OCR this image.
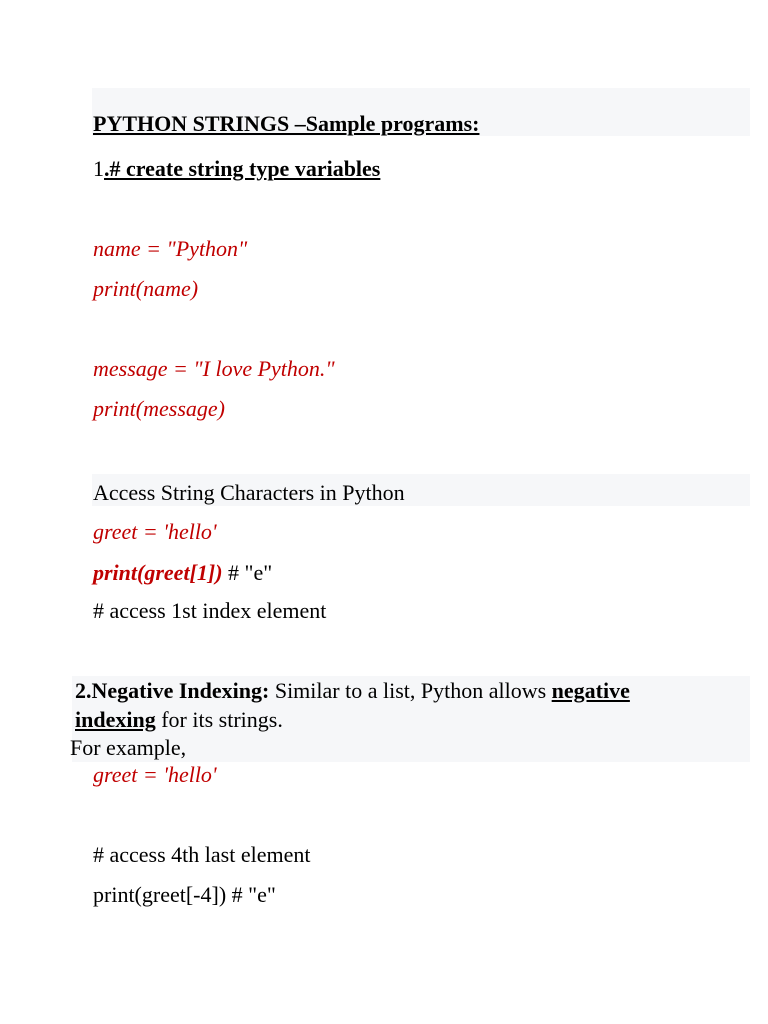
PYTHON STRINGS –Sample programs:
1.# create string type variables
name = "Python"
print(name)
message = "I love Python."
print(message)
Access String Characters in Python
greet = 'hello'
print(greet[1]) # "e"
# access 1st index element
2.Negative Indexing: Similar to a list, Python allows negative
indexing for its strings.
For example,
greet = 'hello'
# access 4th last element
print(greet[-4]) # "e"
